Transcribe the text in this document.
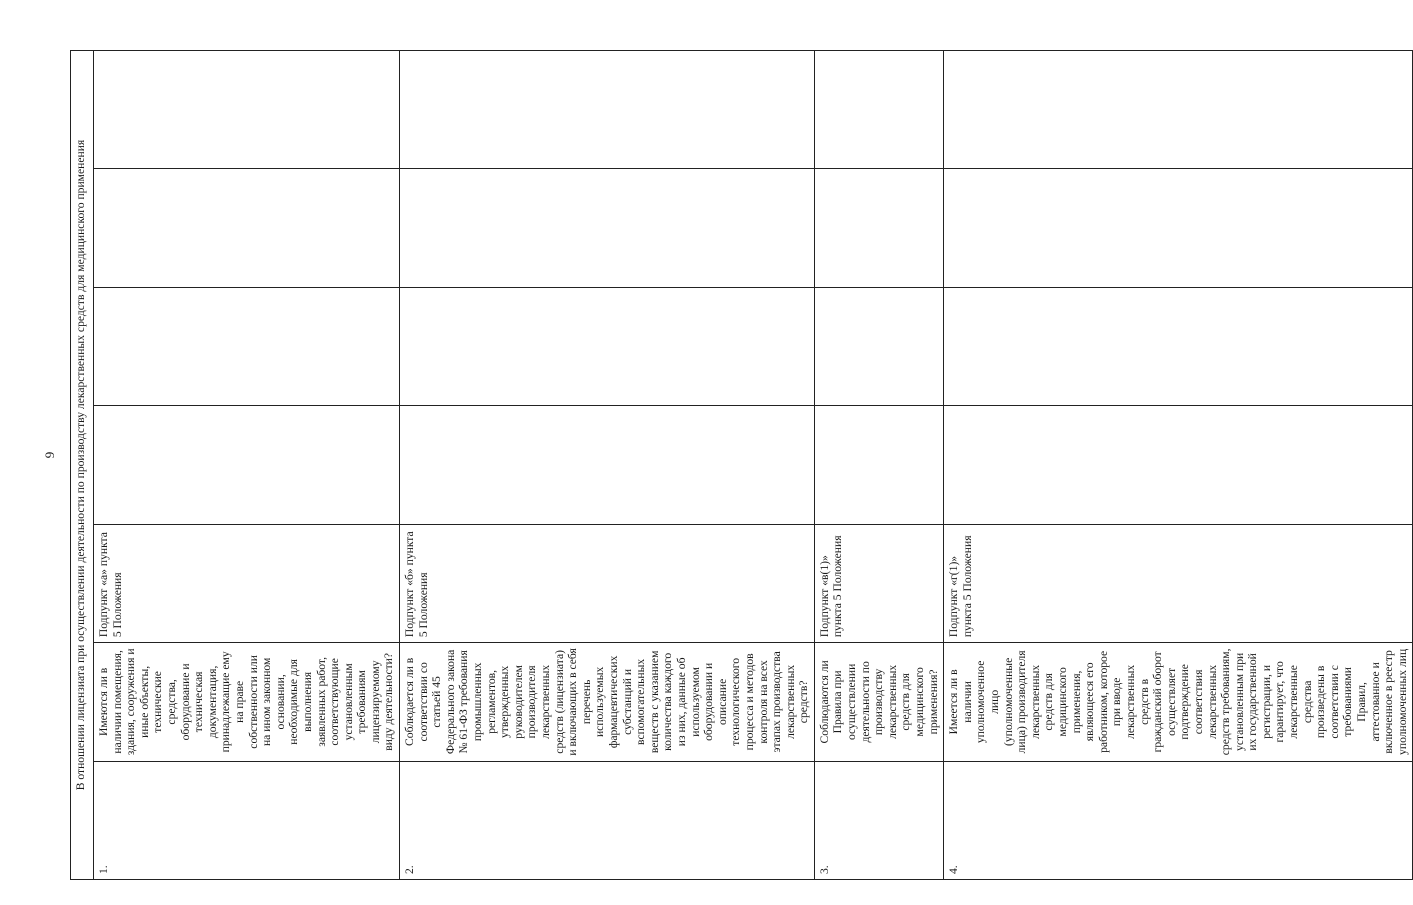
9 В отношении лицензиата при осуществлении деятельности по производству лекарственных средств для медицинского применения						
1.	Имеются ли в наличии помещения, здания, сооружения и иные объекты, технические средства, оборудование и техническая документация, принадлежащие ему на праве собственности или на ином законном основании, необходимые для выполнения заявленных работ, соответствующие установленным требованиям лицензируемому виду деятельности?	Подпункт «а» пункта 5 Положения				
2.	Соблюдается ли в соответствии со статьей 45 Федерального закона № 61-ФЗ требования промышленных регламентов, утвержденных руководителем производителя лекарственных средств (лицензиата) и включающих в себя перечень используемых фармацевтических субстанций и вспомогательных веществ с указанием количества каждого из них, данные об используемом оборудовании и описание технологического процесса и методов контроля на всех этапах производства лекарственных средств?	Подпункт «б» пункта 5 Положения				
3.	Соблюдаются ли Правила при осуществлении деятельности по производству лекарственных средств для медицинского применения?	Подпункт «в(1)» пункта 5 Положения				
4.	Имеется ли в наличии уполномоченное лицо (уполномоченные лица) производителя лекарственных средств для медицинского применения, являющееся его работником, которое при вводе лекарственных средств в гражданский оборот осуществляет подтверждение соответствия лекарственных средств требованиям, установленным при их государственной регистрации, и гарантирует, что лекарственные средства произведены в соответствии с требованиями Правил, аттестованное и включенное в реестр уполномоченных лиц	Подпункт «г(1)» пункта 5 Положения				
